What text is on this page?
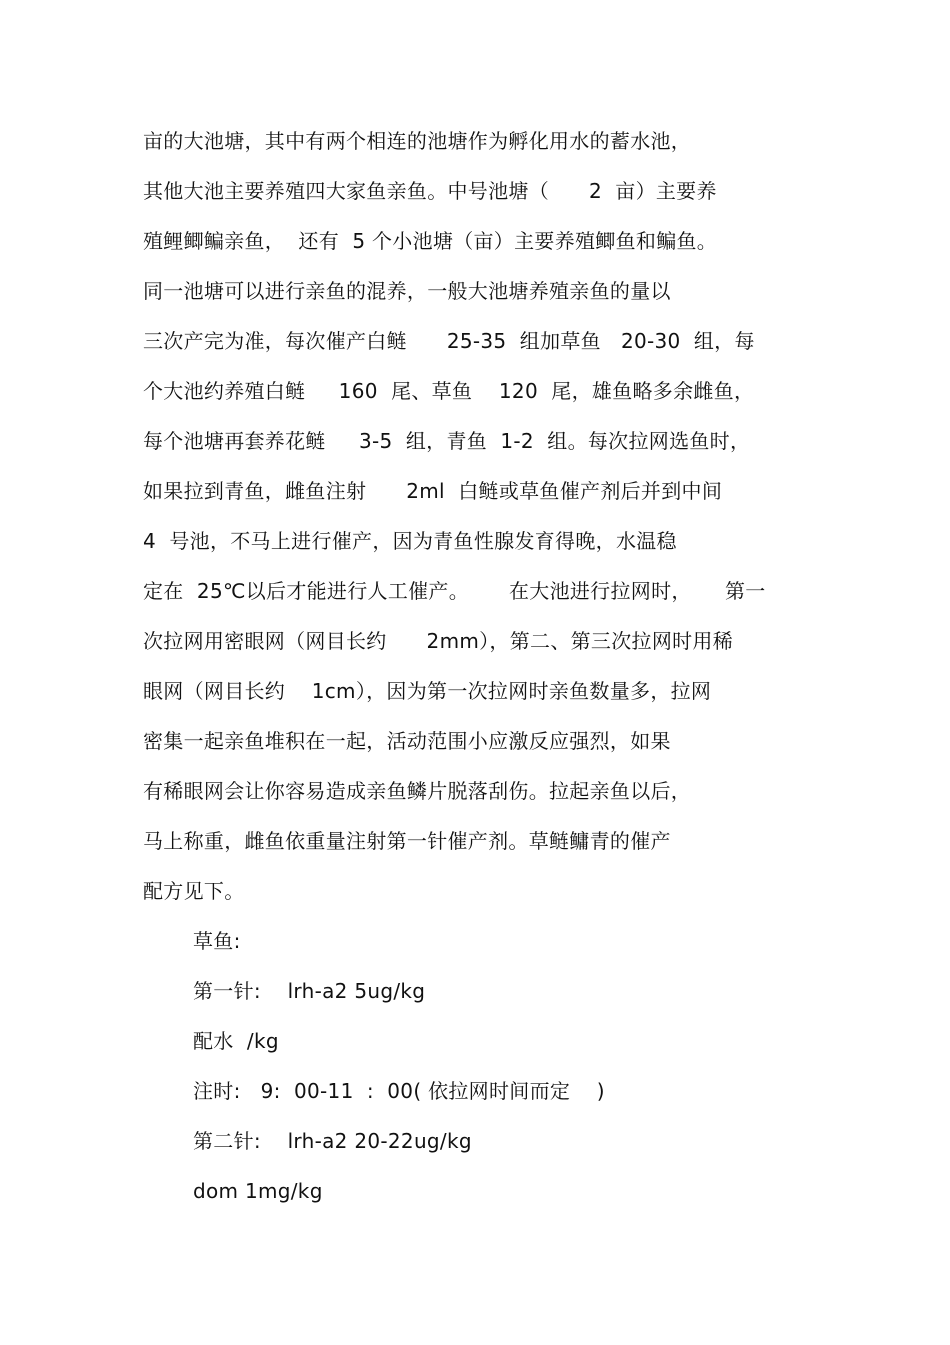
亩的大池塘，其中有两个相连的池塘作为孵化用水的蓄水池，
其他大池主要养殖四大家鱼亲鱼。中号池塘（      2  亩）主要养
殖鲤鲫鳊亲鱼，  还有  5 个小池塘（亩）主要养殖鲫鱼和鳊鱼。
同一池塘可以进行亲鱼的混养，一般大池塘养殖亲鱼的量以
三次产完为准，每次催产白鲢      25-35  组加草鱼   20-30  组，每
个大池约养殖白鲢     160  尾、草鱼    120  尾，雄鱼略多余雌鱼，
每个池塘再套养花鲢     3-5  组，青鱼  1-2  组。每次拉网选鱼时，
如果拉到青鱼，雌鱼注射      2ml  白鲢或草鱼催产剂后并到中间
4  号池，不马上进行催产，因为青鱼性腺发育得晚，水温稳
定在  25℃以后才能进行人工催产。      在大池进行拉网时，     第一
次拉网用密眼网（网目长约      2mm），第二、第三次拉网时用稀
眼网（网目长约    1cm），因为第一次拉网时亲鱼数量多，拉网
密集一起亲鱼堆积在一起，活动范围小应激反应强烈，如果
有稀眼网会让你容易造成亲鱼鳞片脱落刮伤。拉起亲鱼以后，
马上称重，雌鱼依重量注射第一针催产剂。草鲢鳙青的催产
配方见下。
草鱼:
第一针:    lrh-a2 5ug/kg
配水  /kg
注时:   9:  00-11  :  00( 依拉网时间而定    )
第二针:    lrh-a2 20-22ug/kg
dom 1mg/kg
